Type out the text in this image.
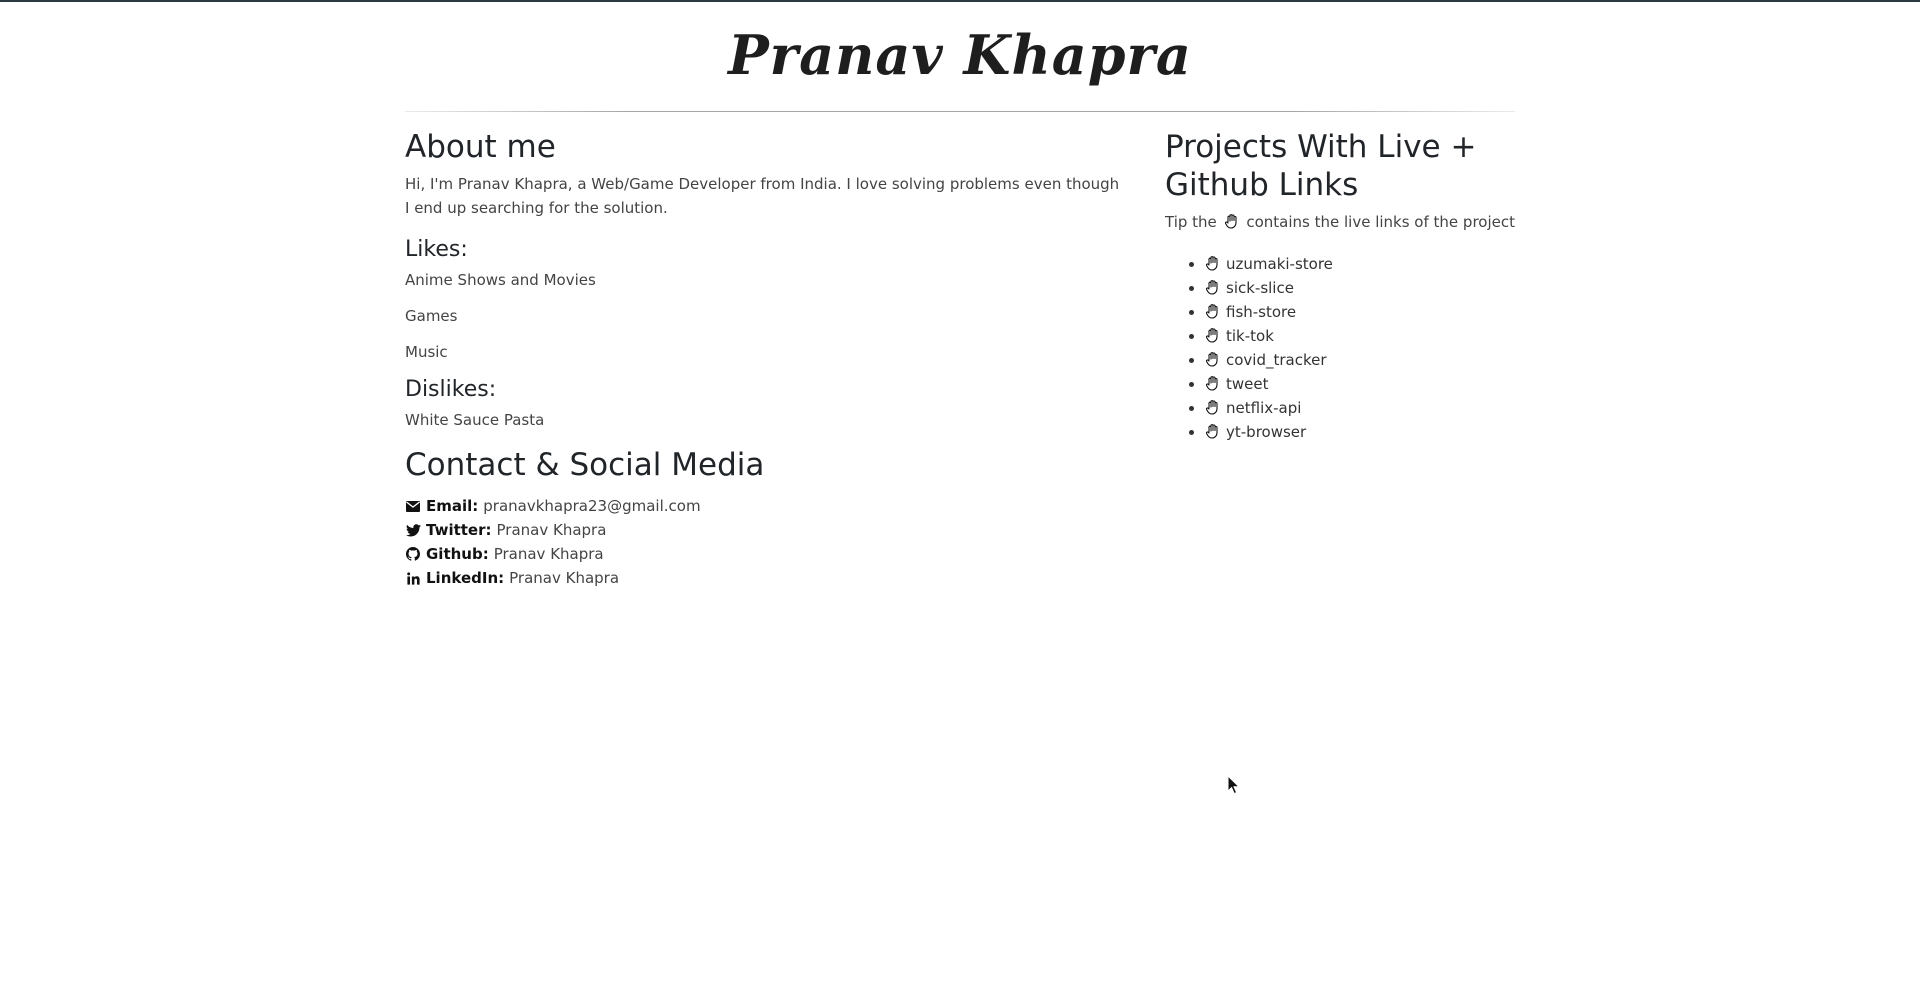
Pranav Khapra
About me

Hi, I'm Pranav Khapra, a Web/Game Developer from India. I love solving problems even though I end up searching for the solution.

Likes:

Anime Shows and Movies

Games

Music

Dislikes:

White Sauce Pasta

Contact & Social Media
Email: pranavkhapra23@gmail.com
Twitter: Pranav Khapra
Github: Pranav Khapra
LinkedIn: Pranav Khapra
Projects With Live + Github Links

Tip the contains the live links of the project

• uzumaki-store
• sick-slice
• fish-store
• tik-tok
• covid_tracker
• tweet
• netflix-api
• yt-browser
